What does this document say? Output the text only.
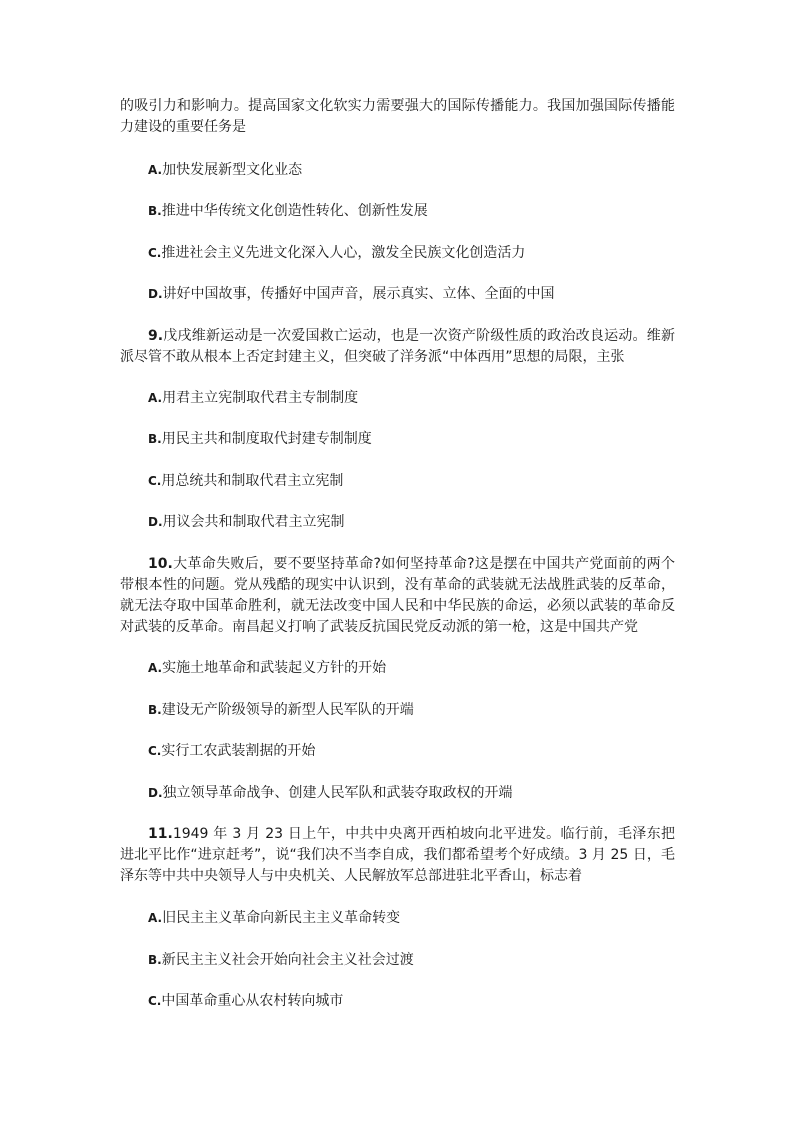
的吸引力和影响力。提高国家文化软实力需要强大的国际传播能力。我国加强国际传播能力建设的重要任务是
A.加快发展新型文化业态
B.推进中华传统文化创造性转化、创新性发展
C.推进社会主义先进文化深入人心，激发全民族文化创造活力
D.讲好中国故事，传播好中国声音，展示真实、立体、全面的中国
9.戊戌维新运动是一次爱国救亡运动，也是一次资产阶级性质的政治改良运动。维新派尽管不敢从根本上否定封建主义，但突破了洋务派“中体西用”思想的局限，主张
A.用君主立宪制取代君主专制制度
B.用民主共和制度取代封建专制制度
C.用总统共和制取代君主立宪制
D.用议会共和制取代君主立宪制
10.大革命失败后，要不要坚持革命?如何坚持革命?这是摆在中国共产党面前的两个带根本性的问题。党从残酷的现实中认识到，没有革命的武装就无法战胜武装的反革命，就无法夺取中国革命胜利，就无法改变中国人民和中华民族的命运，必须以武装的革命反对武装的反革命。南昌起义打响了武装反抗国民党反动派的第一枪，这是中国共产党
A.实施土地革命和武装起义方针的开始
B.建设无产阶级领导的新型人民军队的开端
C.实行工农武装割据的开始
D.独立领导革命战争、创建人民军队和武装夺取政权的开端
11.1949 年 3 月 23 日上午，中共中央离开西柏坡向北平进发。临行前，毛泽东把进北平比作“进京赶考”，说“我们决不当李自成，我们都希望考个好成绩。3 月 25 日，毛泽东等中共中央领导人与中央机关、人民解放军总部进驻北平香山，标志着
A.旧民主主义革命向新民主主义革命转变
B.新民主主义社会开始向社会主义社会过渡
C.中国革命重心从农村转向城市
